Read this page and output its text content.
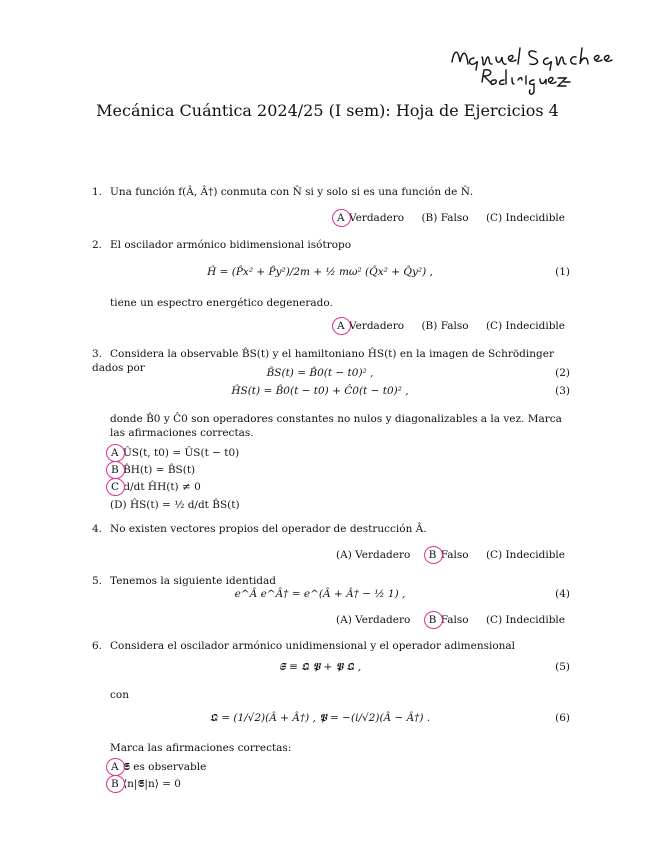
Mecánica Cuántica 2024/25 (I sem): Hoja de Ejercicios 4
1. Una función f(Â, Â†) conmuta con N̂ si y solo si es una función de N̂.
A Verdadero (B) Falso (C) Indecidible
2. El oscilador armónico bidimensional isótropo
Ĥ = (P̂x² + P̂y²)/2m + ½ mω² (Q̂x² + Q̂y²) ,	(1)
tiene un espectro energético degenerado.
A Verdadero (B) Falso (C) Indecidible
3. Considera la observable B̂S(t) y el hamiltoniano ĤS(t) en la imagen de Schrödinger dados por	B̂S(t) = B̂0(t − t0)² ,	(2)
ĤS(t) = B̂0(t − t0) + Ĉ0(t − t0)² ,	(3)
donde B̂0 y Ĉ0 son operadores constantes no nulos y diagonalizables a la vez. Marca las afirmaciones correctas.
A ÛS(t, t0) = ÛS(t − t0)
B B̂H(t) = B̂S(t)
C d/dt ĤH(t) ≠ 0
(D) ĤS(t) = ½ d/dt B̂S(t)
4. No existen vectores propios del operador de destrucción Â.
(A) Verdadero B Falso (C) Indecidible
5. Tenemos la siguiente identidad
e^Â e^Â† = e^(Â + Â† − ½ 1) ,	(4)
(A) Verdadero B Falso (C) Indecidible
6. Considera el oscilador armónico unidimensional y el operador adimensional
𝕾 ≡ 𝕼 𝕻 + 𝕻 𝕼 ,	(5)
con
𝕼 = (1/√2)(Â + Â†) , 𝕻 = −(i/√2)(Â − Â†) .	(6)
Marca las afirmaciones correctas:
A 𝕾 es observable
B ⟨n|𝕾|n⟩ = 0
